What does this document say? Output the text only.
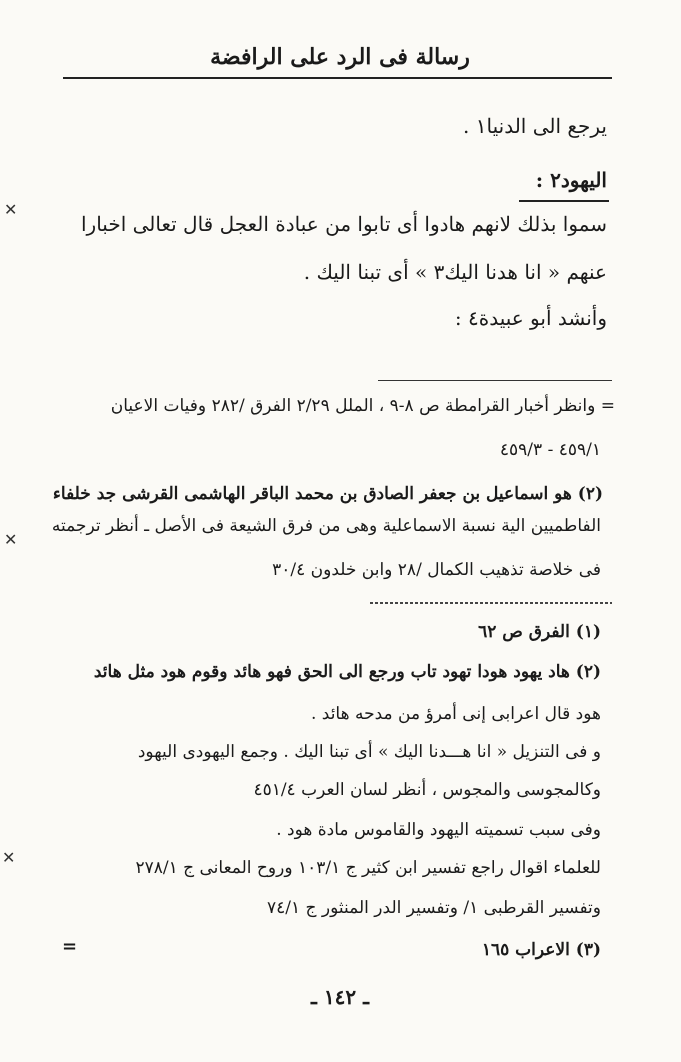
رسالة فى الرد على الرافضة
يرجع الى الدنيا١ .
اليهود٢ :
سموا بذلك لانهم هادوا أى تابوا من عبادة العجل قال تعالى اخبارا
عنهم « انا هدنا اليك٣ » أى تبنا اليك .
وأنشد أبو عبيدة٤ :
= وانظر أخبار القرامطة ص ٨-٩ ، الملل ٢/٢٩ الفرق /٢٨٢ وفيات الاعيان
٤٥٩/١ - ٤٥٩/٣
(٢) هو اسماعيل بن جعفر الصادق بن محمد الباقر الهاشمى القرشى جد خلفاء
الفاطميين الية نسبة الاسماعلية وهى من فرق الشيعة فى الأصل ـ أنظر ترجمته
فى خلاصة تذهيب الكمال /٢٨ وابن خلدون ٣٠/٤
(١) الفرق ص ٦٢
(٢) هاد يهود هودا تهود تاب ورجع الى الحق فهو هائد وقوم هود مثل هائد
هود قال اعرابى إنى أمرؤ من مدحه هائد .
و فى التنزيل « انا هـــدنا اليك » أى تبنا اليك . وجمع اليهودى اليهود
وكالمجوسى والمجوس ، أنظر لسان العرب ٤٥١/٤
وفى سبب تسميته اليهود والقاموس مادة هود .
للعلماء اقوال راجع تفسير ابن كثير ج ١٠٣/١ وروح المعانى ج ٢٧٨/١
وتفسير القرطبى ١/ وتفسير الدر المنثور ج ٧٤/١
(٣) الاعراب ١٦٥
=
ـ ١٤٢ ـ
✕
✕
✕
